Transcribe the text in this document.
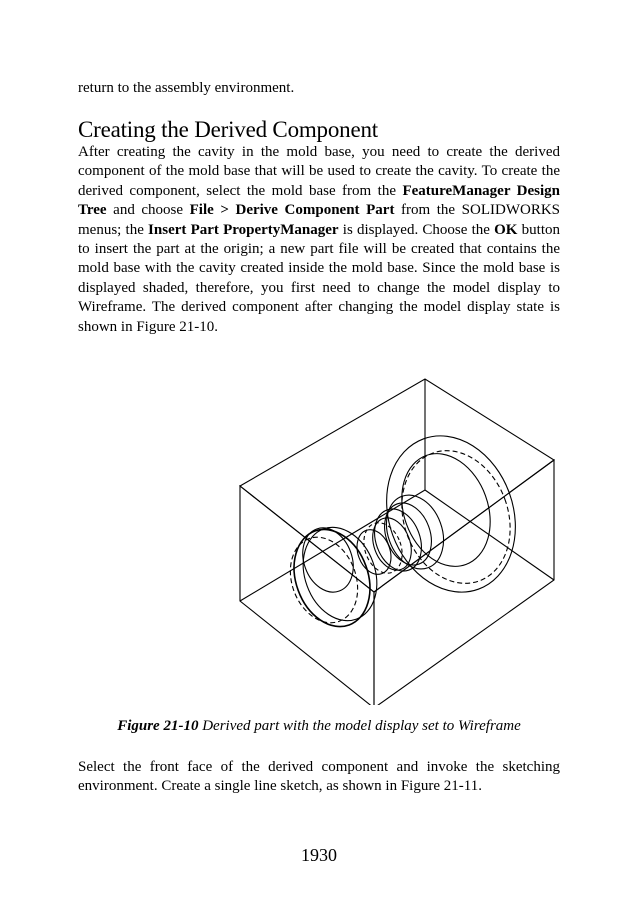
return to the assembly environment.

Creating the Derived Component

After creating the cavity in the mold base, you need to create the derived component of the mold base that will be used to create the cavity. To create the derived component, select the mold base from the FeatureManager Design Tree and choose File > Derive Component Part from the SOLIDWORKS menus; the Insert Part PropertyManager is displayed. Choose the OK button to insert the part at the origin; a new part file will be created that contains the mold base with the cavity created inside the mold base. Since the mold base is displayed shaded, therefore, you first need to change the model display to Wireframe. The derived component after changing the model display state is shown in Figure 21-10.

Figure 21-10 Derived part with the model display set to Wireframe

Select the front face of the derived component and invoke the sketching environment. Create a single line sketch, as shown in Figure 21-11.

1930
